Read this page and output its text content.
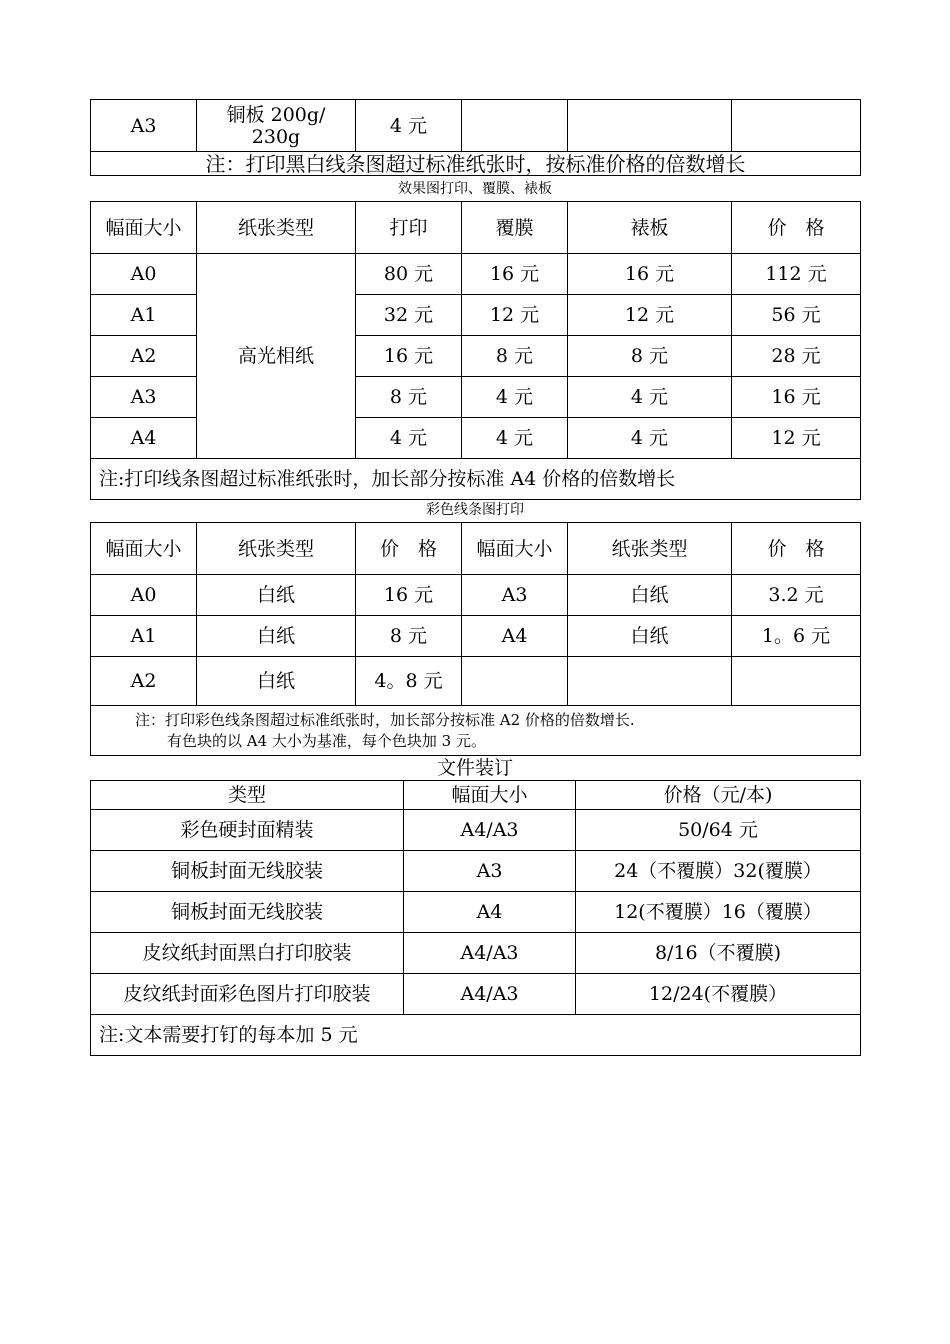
A3	铜板 200g/
230g	4 元			
注：打印黑白线条图超过标准纸张时，按标准价格的倍数增长
效果图打印、覆膜、裱板
幅面大小	纸张类型	打印	覆膜	裱板	价　格
A0	高光相纸	80 元	16 元	16 元	112 元
A1		32 元	12 元	12 元	56 元
A2		16 元	8 元	8 元	28 元
A3		8 元	4 元	4 元	16 元
A4		4 元	4 元	4 元	12 元
注:打印线条图超过标准纸张时，加长部分按标准 A4 价格的倍数增长					
彩色线条图打印
幅面大小	纸张类型	价　格	幅面大小	纸张类型	价　格
A0	白纸	16 元	A3	白纸	3.2 元
A1	白纸	8 元	A4	白纸	1。6 元
A2	白纸	4。8 元			

注：打印彩色线条图超过标准纸张时，加长部分按标准 A2 价格的倍数增长.
有色块的以 A4 大小为基准，每个色块加 3 元。					
文件装订
类型	幅面大小	价格（元/本)
彩色硬封面精装	A4/A3	50/64 元
铜板封面无线胶装	A3	24（不覆膜）32(覆膜）
铜板封面无线胶装	A4	12(不覆膜）16（覆膜）
皮纹纸封面黑白打印胶装	A4/A3	8/16（不覆膜)
皮纹纸封面彩色图片打印胶装	A4/A3	12/24(不覆膜）
注:文本需要打钉的每本加 5 元		
